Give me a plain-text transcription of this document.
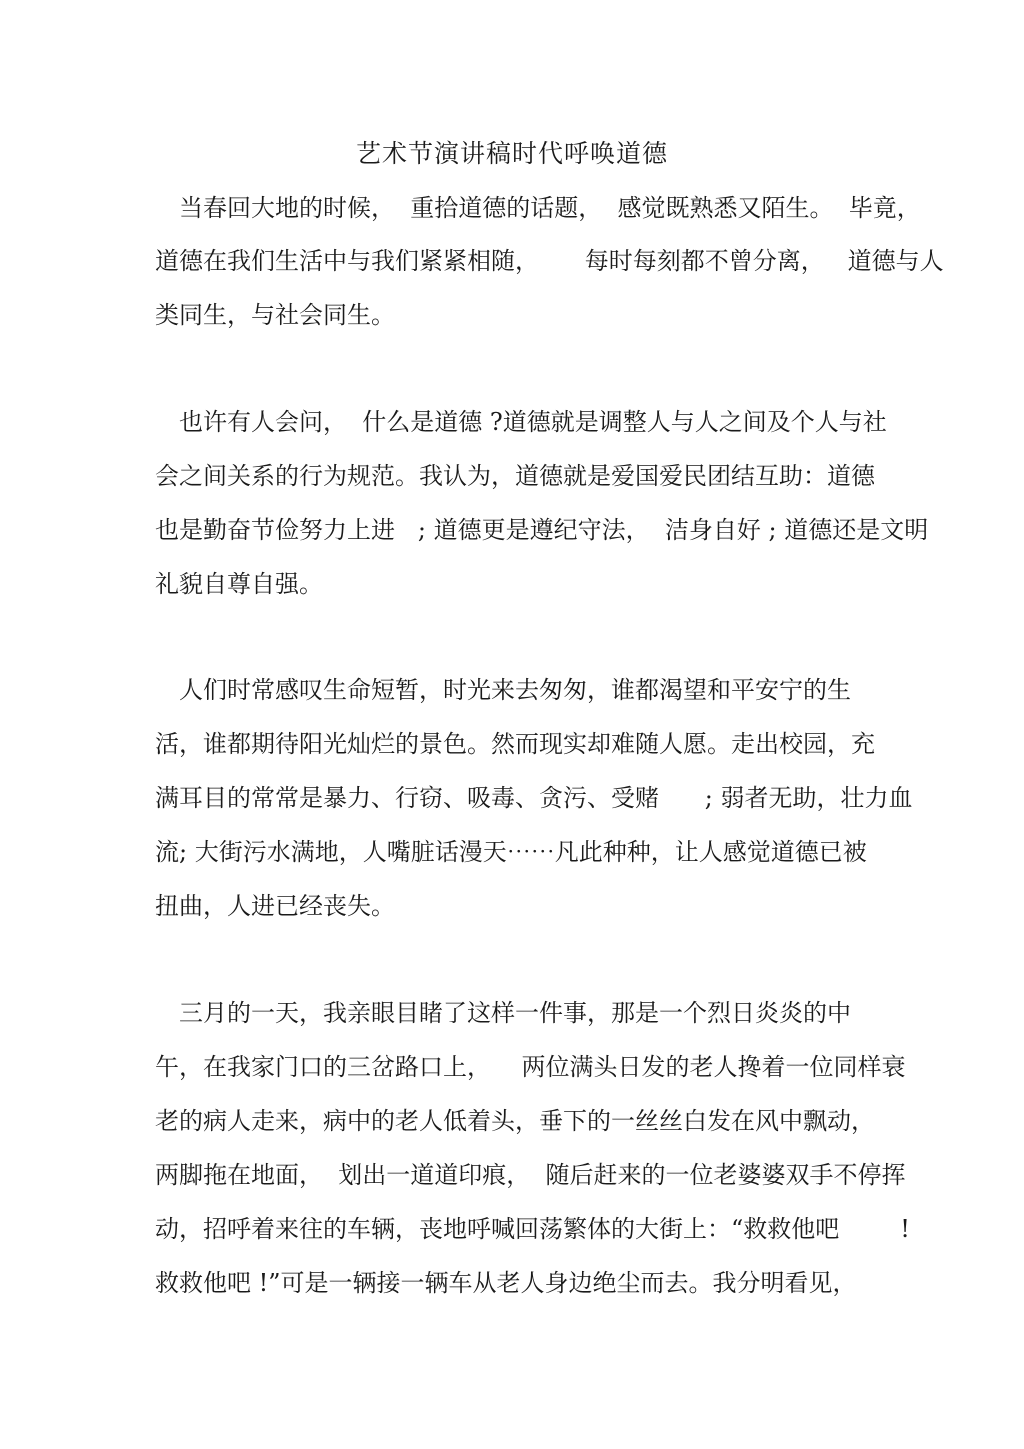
艺术节演讲稿时代呼唤道德
　当春回大地的时候，  重拾道德的话题，  感觉既熟悉又陌生。  毕竟，
道德在我们生活中与我们紧紧相随，      每时每刻都不曾分离，   道德与人
类同生，与社会同生。
　也许有人会问，  什么是道德 ?道德就是调整人与人之间及个人与社
会之间关系的行为规范。我认为，道德就是爱国爱民团结互助：道德
也是勤奋节俭努力上进   ; 道德更是遵纪守法，  洁身自好 ; 道德还是文明
礼貌自尊自强。
　人们时常感叹生命短暂，时光来去匆匆，谁都渴望和平安宁的生
活，谁都期待阳光灿烂的景色。然而现实却难随人愿。走出校园，充
满耳目的常常是暴力、行窃、吸毒、贪污、受赌      ; 弱者无助，壮力血
流; 大街污水满地，人嘴脏话漫天⋯⋯凡此种种，让人感觉道德已被
扭曲，人进已经丧失。
　三月的一天，我亲眼目睹了这样一件事，那是一个烈日炎炎的中
午，在我家门口的三岔路口上，    两位满头日发的老人搀着一位同样衰
老的病人走来，病中的老人低着头，垂下的一丝丝白发在风中飘动，
两脚拖在地面，  划出一道道印痕，  随后赶来的一位老婆婆双手不停挥
动，招呼着来往的车辆，丧地呼喊回荡繁体的大街上：“救救他吧        !
救救他吧 !”可是一辆接一辆车从老人身边绝尘而去。我分明看见，
